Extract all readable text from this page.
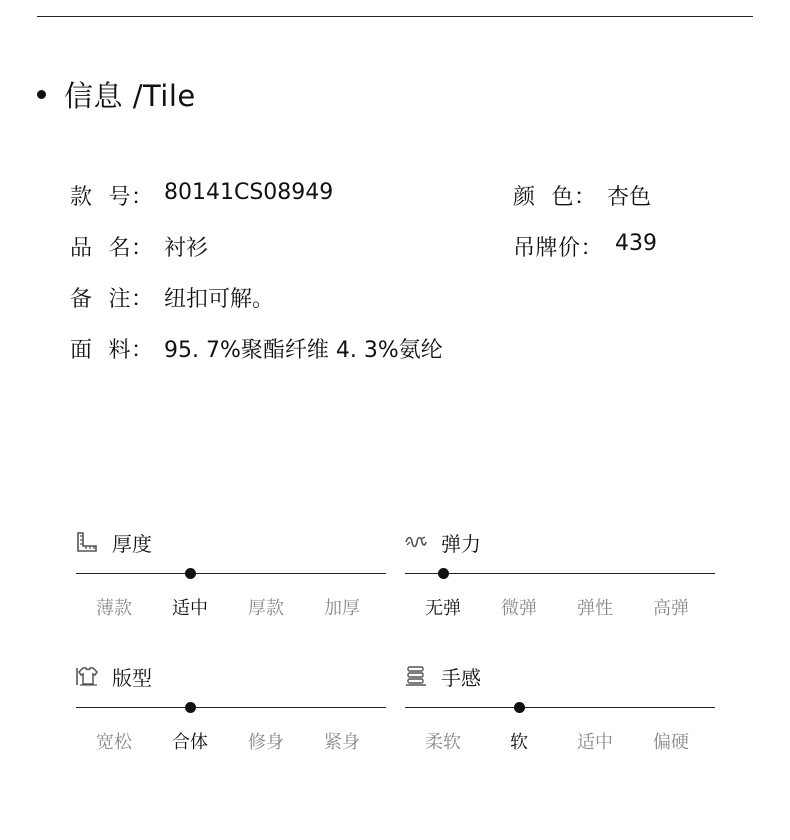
信息 /Tile
款 号： 80141CS08949
品 名： 衬衫
备 注： 纽扣可解。
面 料： 95. 7%聚酯纤维 4. 3%氨纶
颜 色： 杏色
吊牌价： 439
厚度
薄款	适中	厚款	加厚
弹力
无弹	微弹	弹性	高弹
版型
宽松	合体	修身	紧身
手感
柔软	软	适中	偏硬
